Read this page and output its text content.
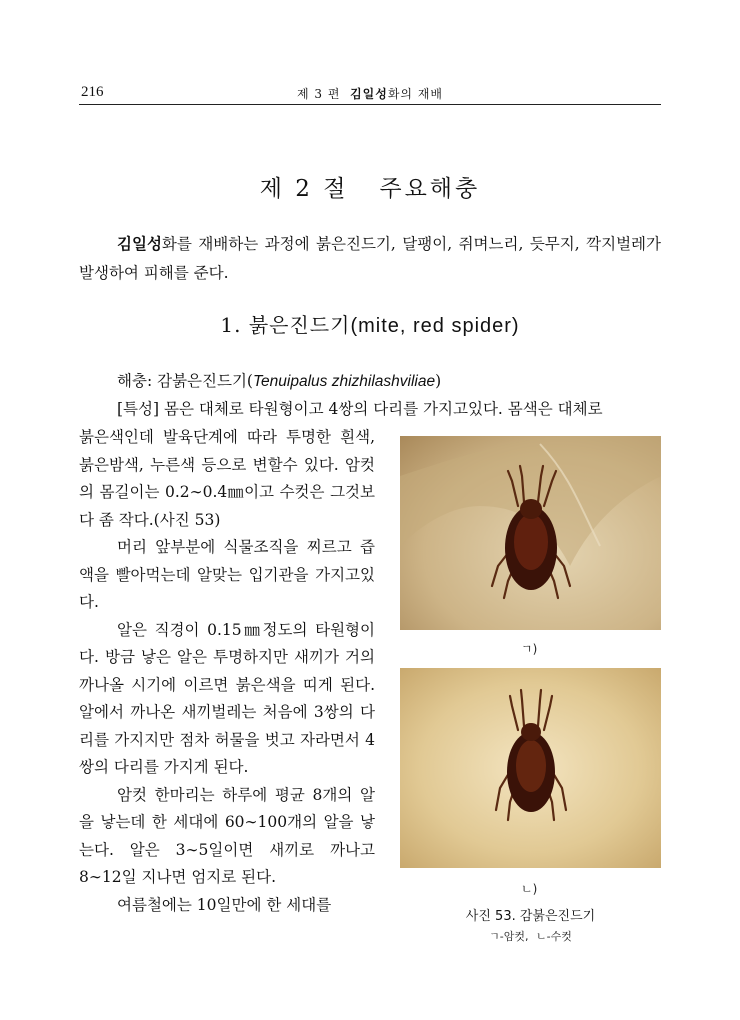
216	제 3 편 김일성화의 재배
제 2 절   주요해충

김일성화를 재배하는 과정에 붉은진드기, 달팽이, 쥐며느리, 듯무지, 깍지벌레가 발생하여 피해를 준다.

1. 붉은진드기(mite, red spider)
해충: 감붉은진드기(Tenuipalus zhizhilashviliae)
[특성] 몸은 대체로 타원형이고 4쌍의 다리를 가지고있다. 몸색은 대체로

붉은색인데 발육단계에 따라 투명한 흰색, 붉은밤색, 누른색 등으로 변할수 있다. 암컷의 몸길이는 0.2∼0.4㎜이고 수컷은 그것보다 좀 작다.(사진 53)

머리 앞부분에 식물조직을 찌르고 즙액을 빨아먹는데 알맞는 입기관을 가지고있다.

알은 직경이 0.15㎜정도의 타원형이다. 방금 낳은 알은 투명하지만 새끼가 거의 까나올 시기에 이르면 붉은색을 띠게 된다. 알에서 까나온 새끼벌레는 처음에 3쌍의 다리를 가지지만 점차 허물을 벗고 자라면서 4쌍의 다리를 가지게 된다.

암컷 한마리는 하루에 평균 8개의 알을 낳는데 한 세대에 60∼100개의 알을 낳는다. 알은 3∼5일이면 새끼로 까나고 8∼12일 지나면 엄지로 된다.

여름철에는 10일만에 한 세대를

ㄱ)
ㄴ)
사진 53. 감붉은진드기
ㄱ-암컷, ㄴ-수컷
